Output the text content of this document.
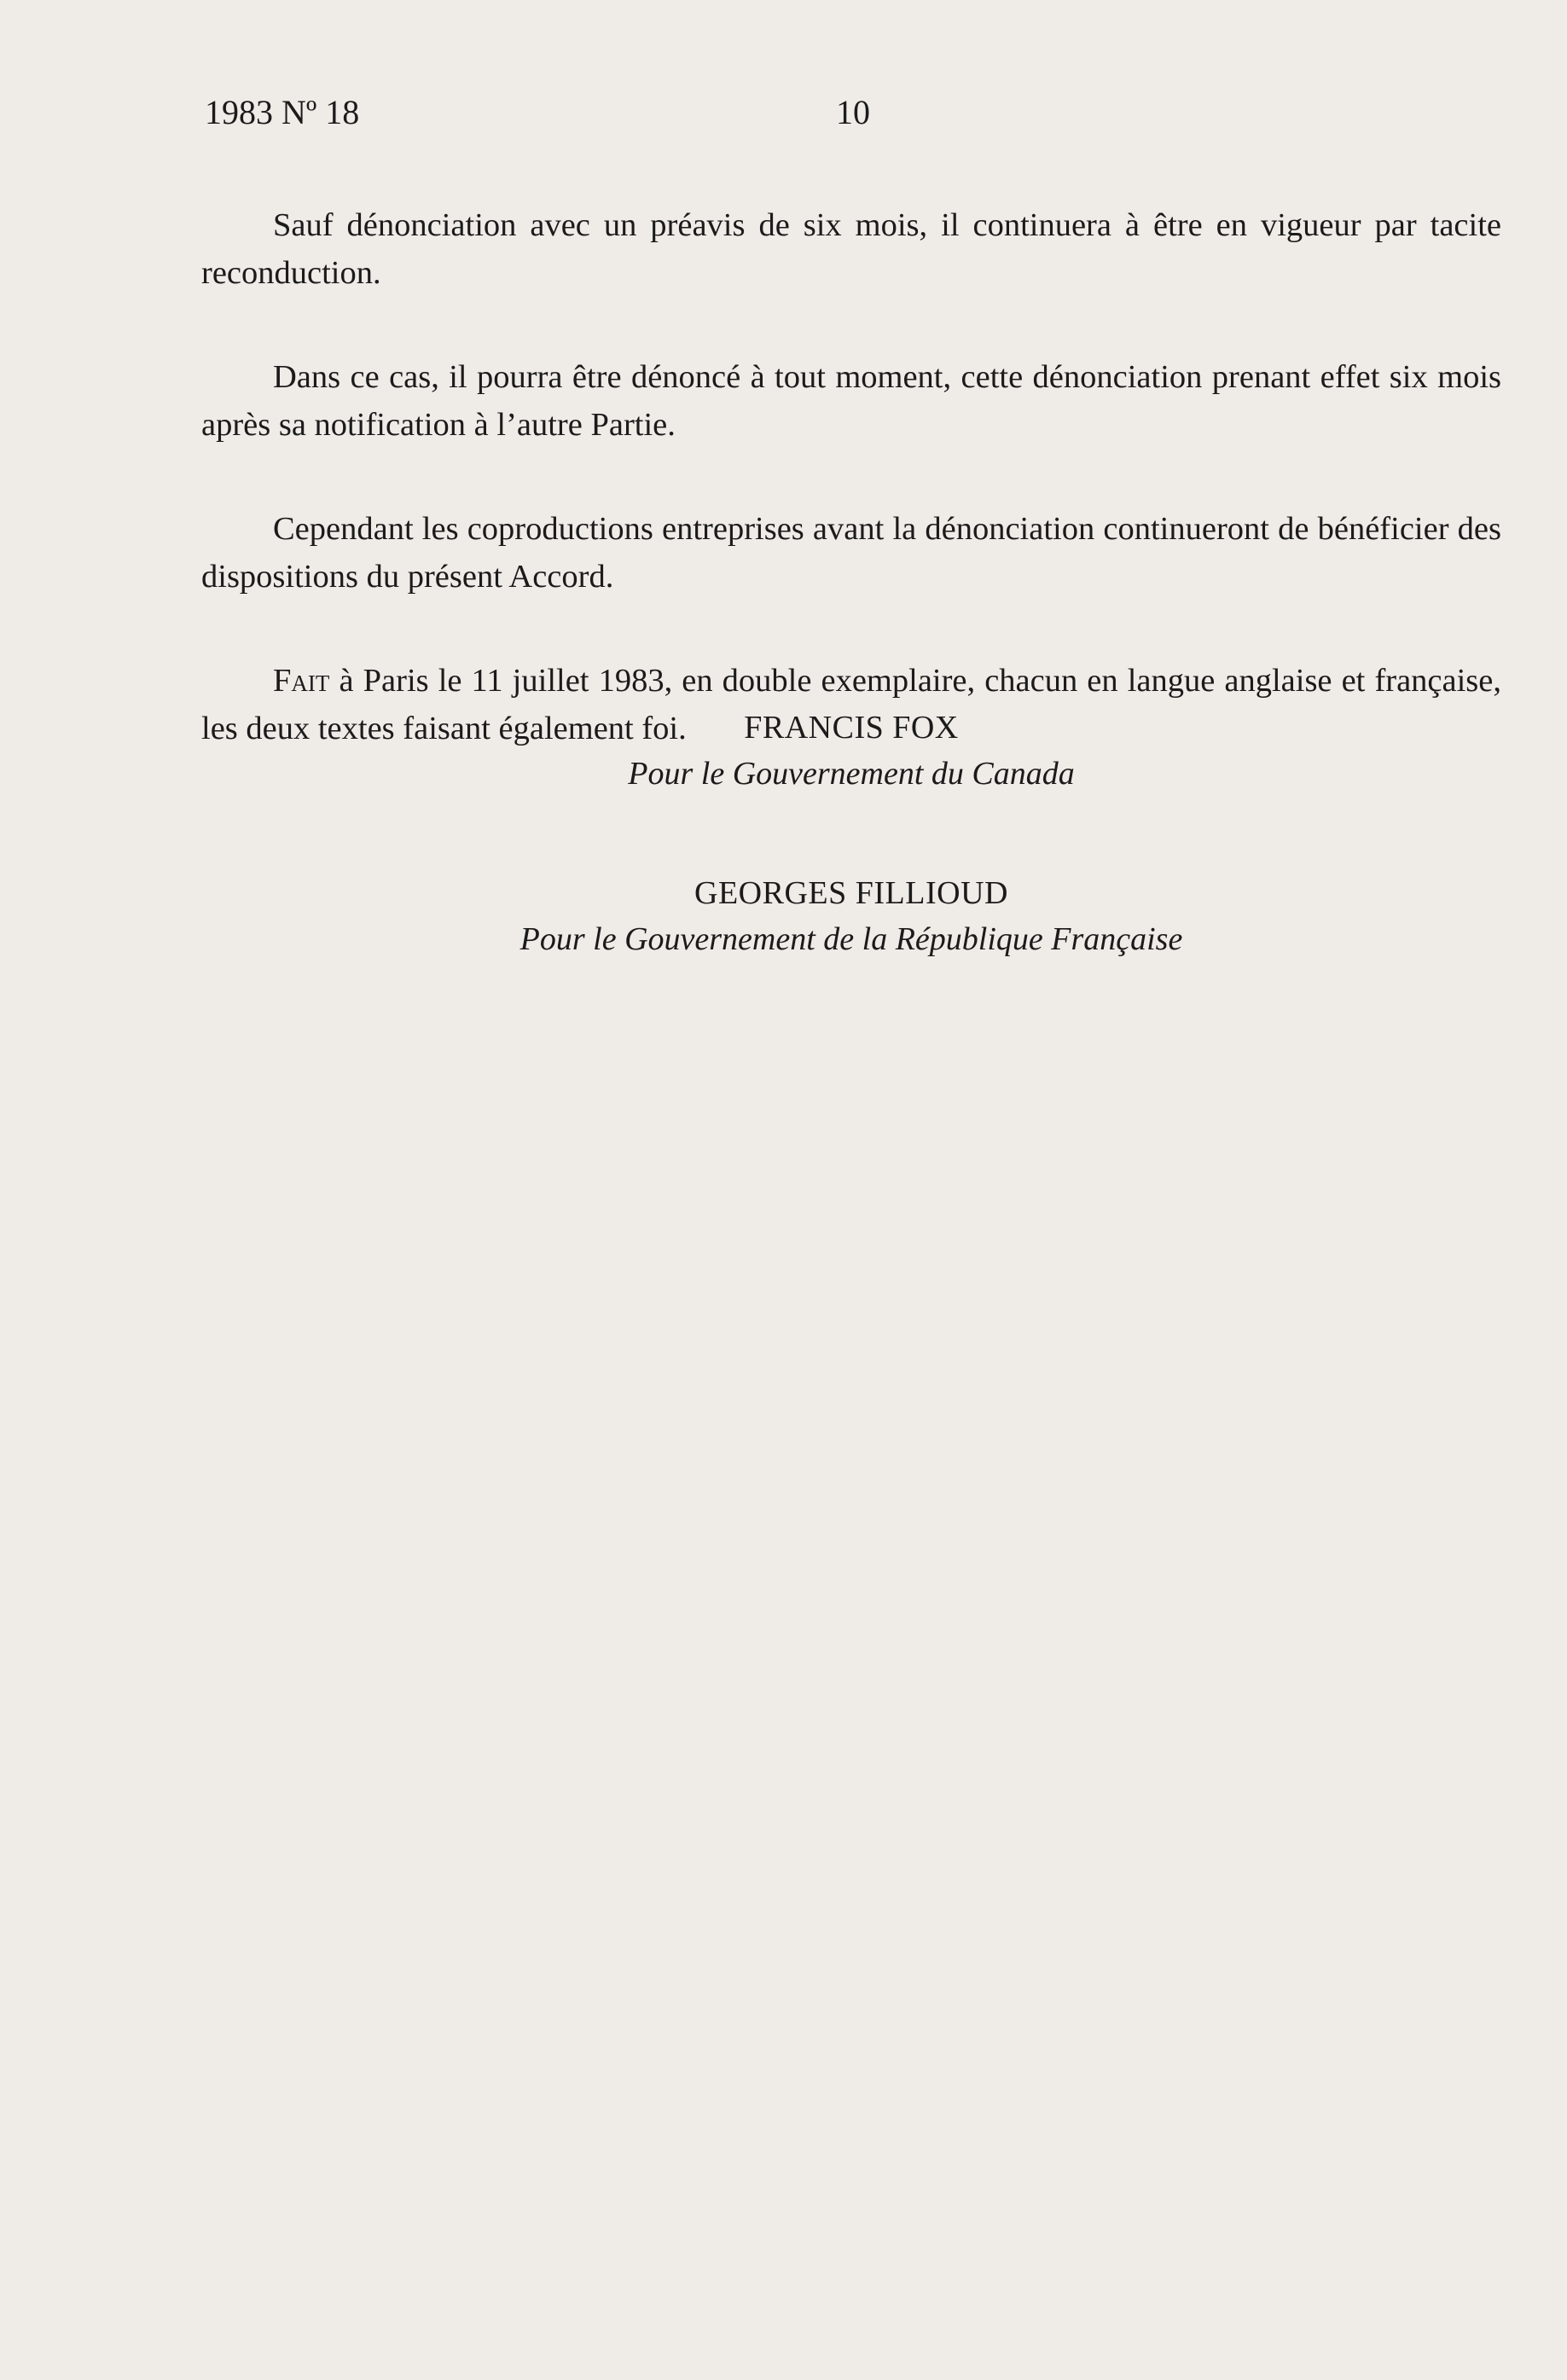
1983 Nº 18	10

Sauf dénonciation avec un préavis de six mois, il continuera à être en vigueur par tacite reconduction.

Dans ce cas, il pourra être dénoncé à tout moment, cette dénonciation prenant effet six mois après sa notification à l’autre Partie.

Cependant les coproductions entreprises avant la dénonciation continueront de bénéficier des dispositions du présent Accord.

Fait à Paris le 11 juillet 1983, en double exemplaire, chacun en langue anglaise et française, les deux textes faisant également foi.	FRANCIS FOX
Pour le Gouvernement du Canada
GEORGES FILLIOUD
Pour le Gouvernement de la République Française
